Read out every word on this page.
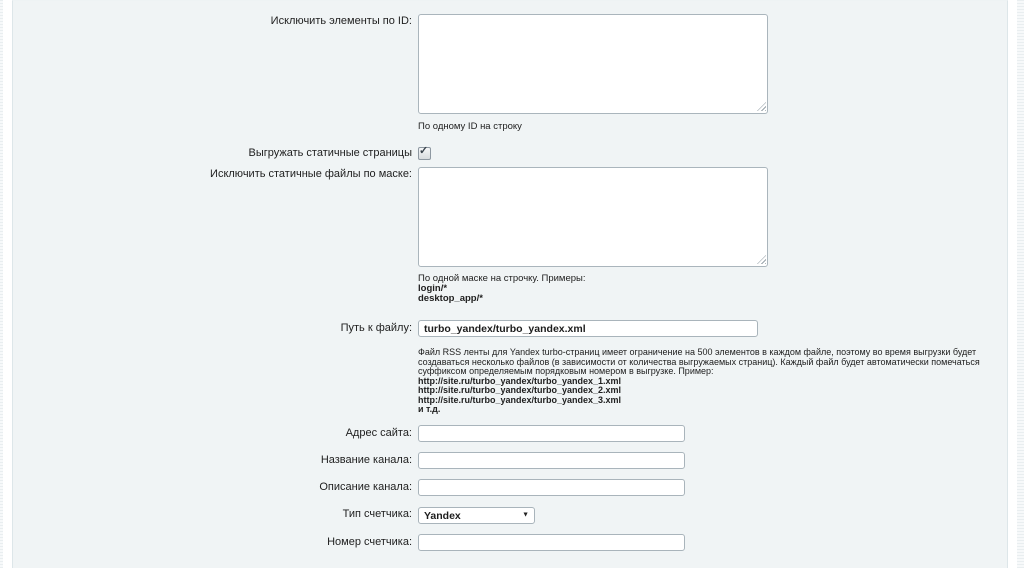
Исключить элементы по ID:
По одному ID на строку
Выгружать статичные страницы ✓
Исключить статичные файлы по маске:
По одной маске на строчку. Примеры:
login/*
desktop_app/*
Путь к файлу:
turbo_yandex/turbo_yandex.xml
Файл RSS ленты для Yandex turbo-страниц имеет ограничение на 500 элементов в каждом файле, поэтому во время выгрузки будет создаваться несколько файлов (в зависимости от количества выгружаемых страниц). Каждый файл будет автоматически помечаться суффиксом определяемым порядковым номером в выгрузке. Пример:
http://site.ru/turbo_yandex/turbo_yandex_1.xml
http://site.ru/turbo_yandex/turbo_yandex_2.xml
http://site.ru/turbo_yandex/turbo_yandex_3.xml
и т.д.
Адрес сайта:
Название канала:
Описание канала:
Тип счетчика:
Yandex	▼
Номер счетчика:
